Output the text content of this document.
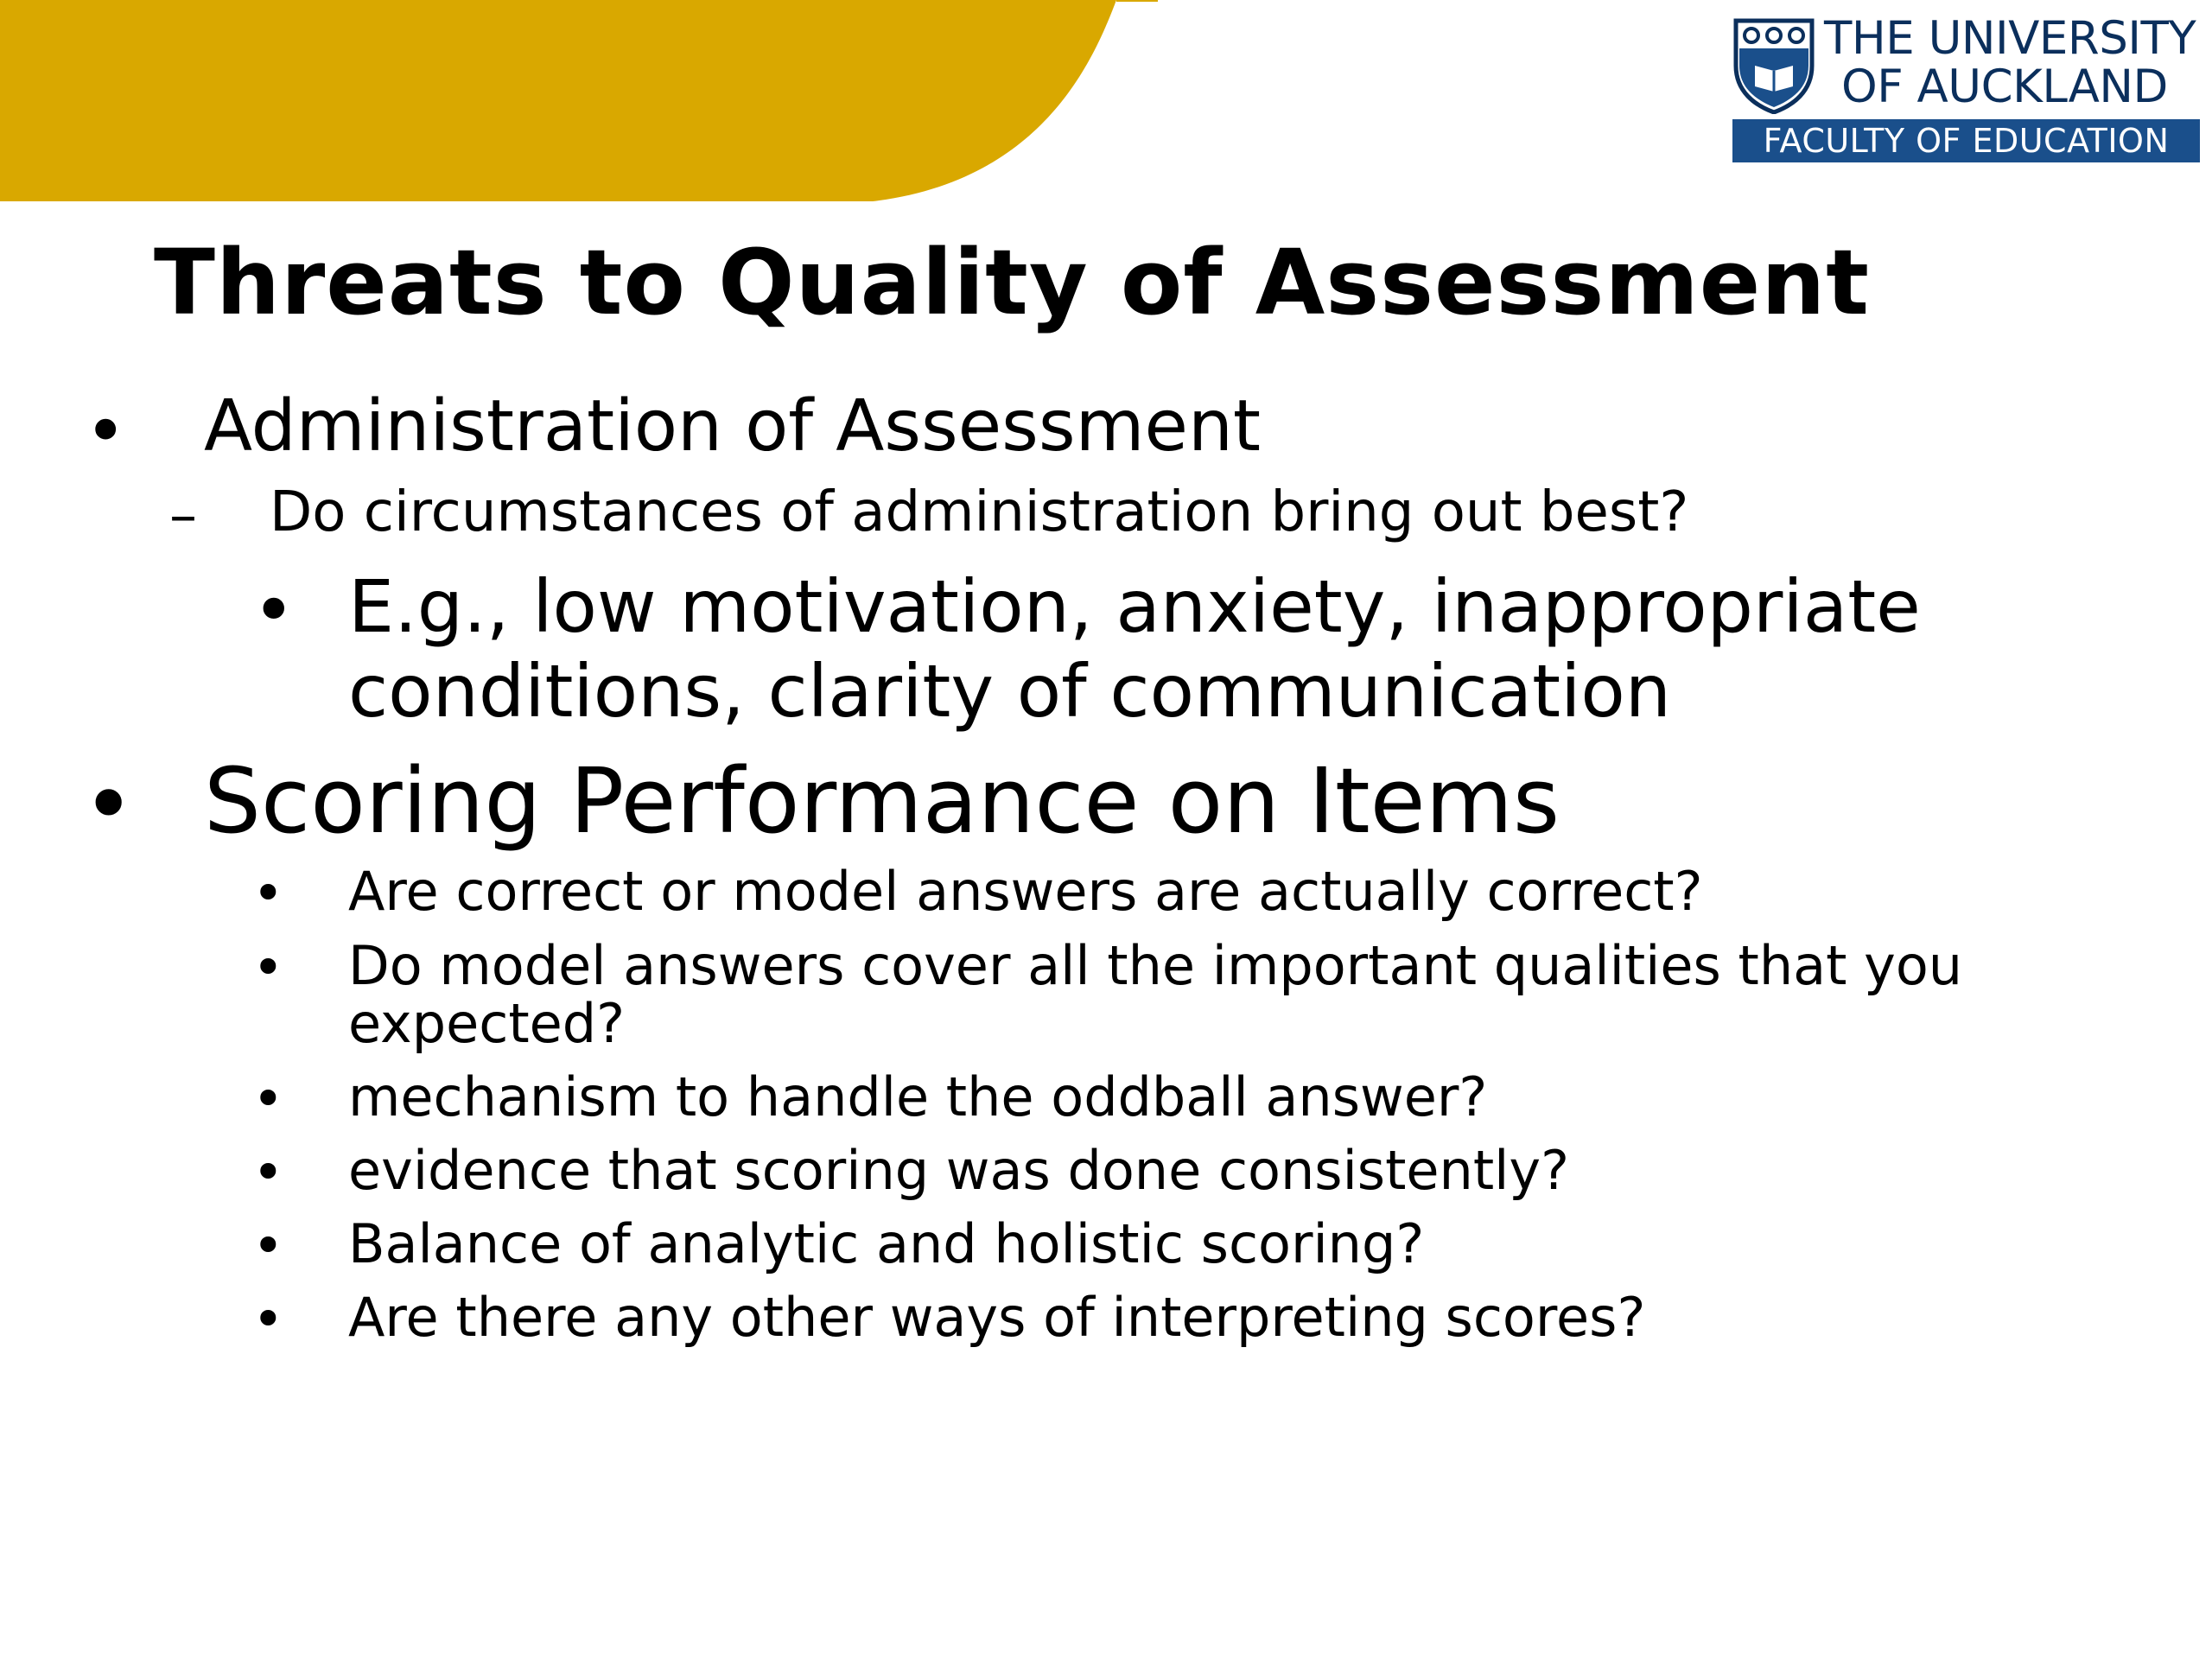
THE UNIVERSITY
OF AUCKLAND
FACULTY OF EDUCATION
Threats to Quality of Assessment
• Administration of Assessment
– Do circumstances of administration bring out best?
• E.g., low motivation, anxiety, inappropriate
conditions, clarity of communication
• Scoring Performance on Items
• Are correct or model answers are actually correct?
• Do model answers cover all the important qualities that you
expected?
• mechanism to handle the oddball answer?
• evidence that scoring was done consistently?
• Balance of analytic and holistic scoring?
• Are there any other ways of interpreting scores?
